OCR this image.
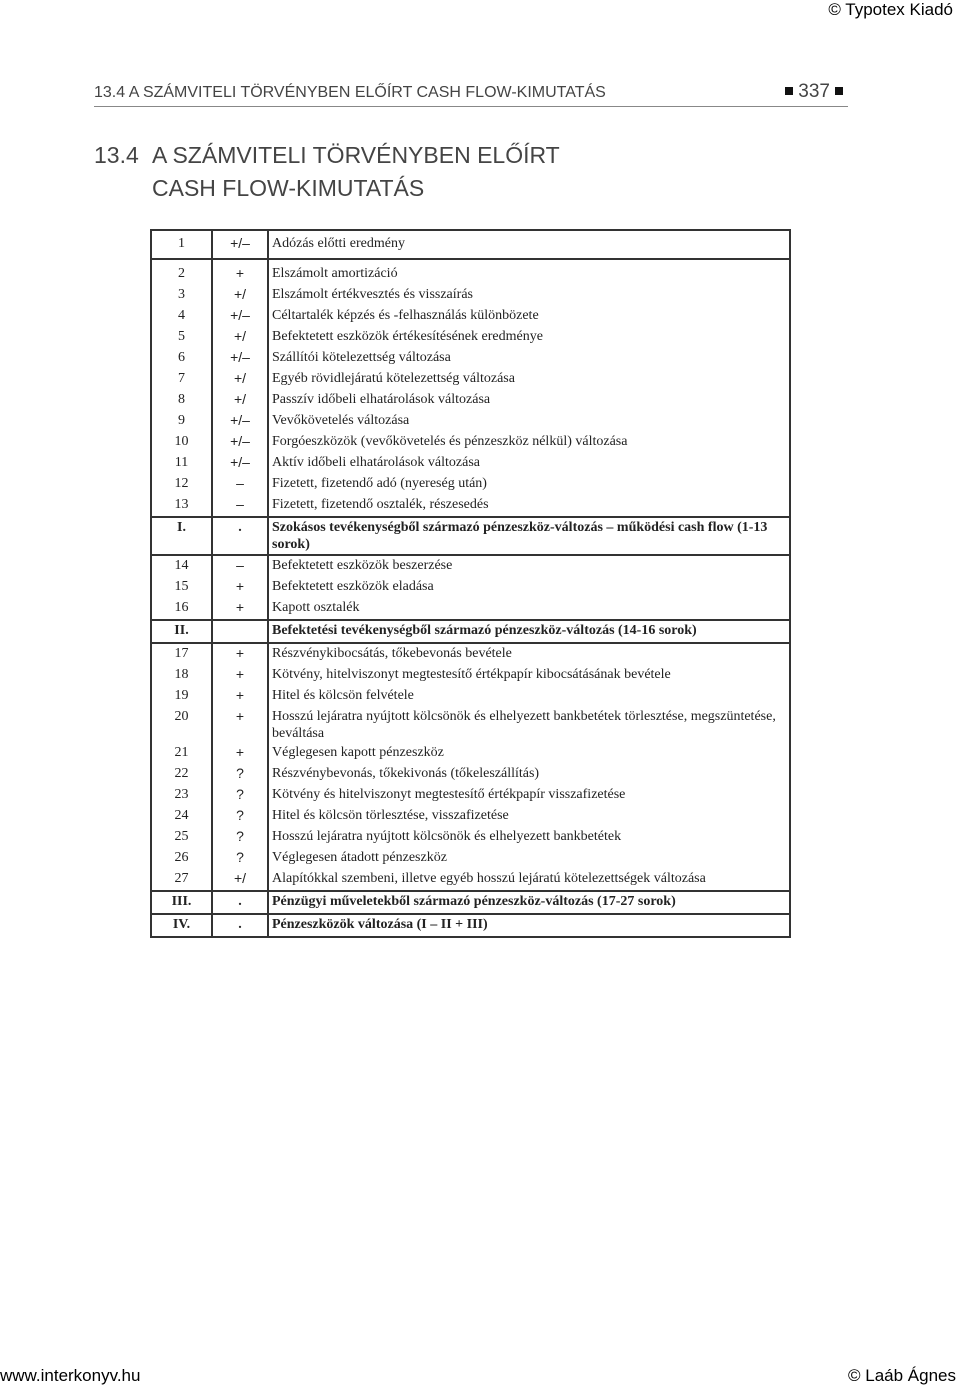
© Typotex Kiadó
13.4 A SZÁMVITELI TÖRVÉNYBEN ELŐÍRT CASH FLOW-KIMUTATÁS	337
13.4 A SZÁMVITELI TÖRVÉNYBEN ELŐÍRT
CASH FLOW-KIMUTATÁS
1	+/–	Adózás előtti eredmény
2	+	Elszámolt amortizáció
3	+/	Elszámolt értékvesztés és visszaírás
4	+/–	Céltartalék képzés és -felhasználás különbözete
5	+/	Befektetett eszközök értékesítésének eredménye
6	+/–	Szállítói kötelezettség változása
7	+/	Egyéb rövidlejáratú kötelezettség változása
8	+/	Passzív időbeli elhatárolások változása
9	+/–	Vevőkövetelés változása
10	+/–	Forgóeszközök (vevőkövetelés és pénzeszköz nélkül) változása
11	+/–	Aktív időbeli elhatárolások változása
12	–	Fizetett, fizetendő adó (nyereség után)
13	–	Fizetett, fizetendő osztalék, részesedés
I.	.	Szokásos tevékenységből származó pénzeszköz-változás – működési cash flow (1-13 sorok)
14	–	Befektetett eszközök beszerzése
15	+	Befektetett eszközök eladása
16	+	Kapott osztalék
II.		Befektetési tevékenységből származó pénzeszköz-változás (14-16 sorok)
17	+	Részvénykibocsátás, tőkebevonás bevétele
18	+	Kötvény, hitelviszonyt megtestesítő értékpapír kibocsátásának bevétele
19	+	Hitel és kölcsön felvétele
20	+	Hosszú lejáratra nyújtott kölcsönök és elhelyezett bankbetétek törlesztése, megszüntetése, beváltása
21	+	Véglegesen kapott pénzeszköz
22	?	Részvénybevonás, tőkekivonás (tőkeleszállítás)
23	?	Kötvény és hitelviszonyt megtestesítő értékpapír visszafizetése
24	?	Hitel és kölcsön törlesztése, visszafizetése
25	?	Hosszú lejáratra nyújtott kölcsönök és elhelyezett bankbetétek
26	?	Véglegesen átadott pénzeszköz
27	+/	Alapítókkal szembeni, illetve egyéb hosszú lejáratú kötelezettségek változása
III.	.	Pénzügyi műveletekből származó pénzeszköz-változás (17-27 sorok)
IV.	.	Pénzeszközök változása (I – II + III)
www.interkonyv.hu	© Laáb Ágnes
